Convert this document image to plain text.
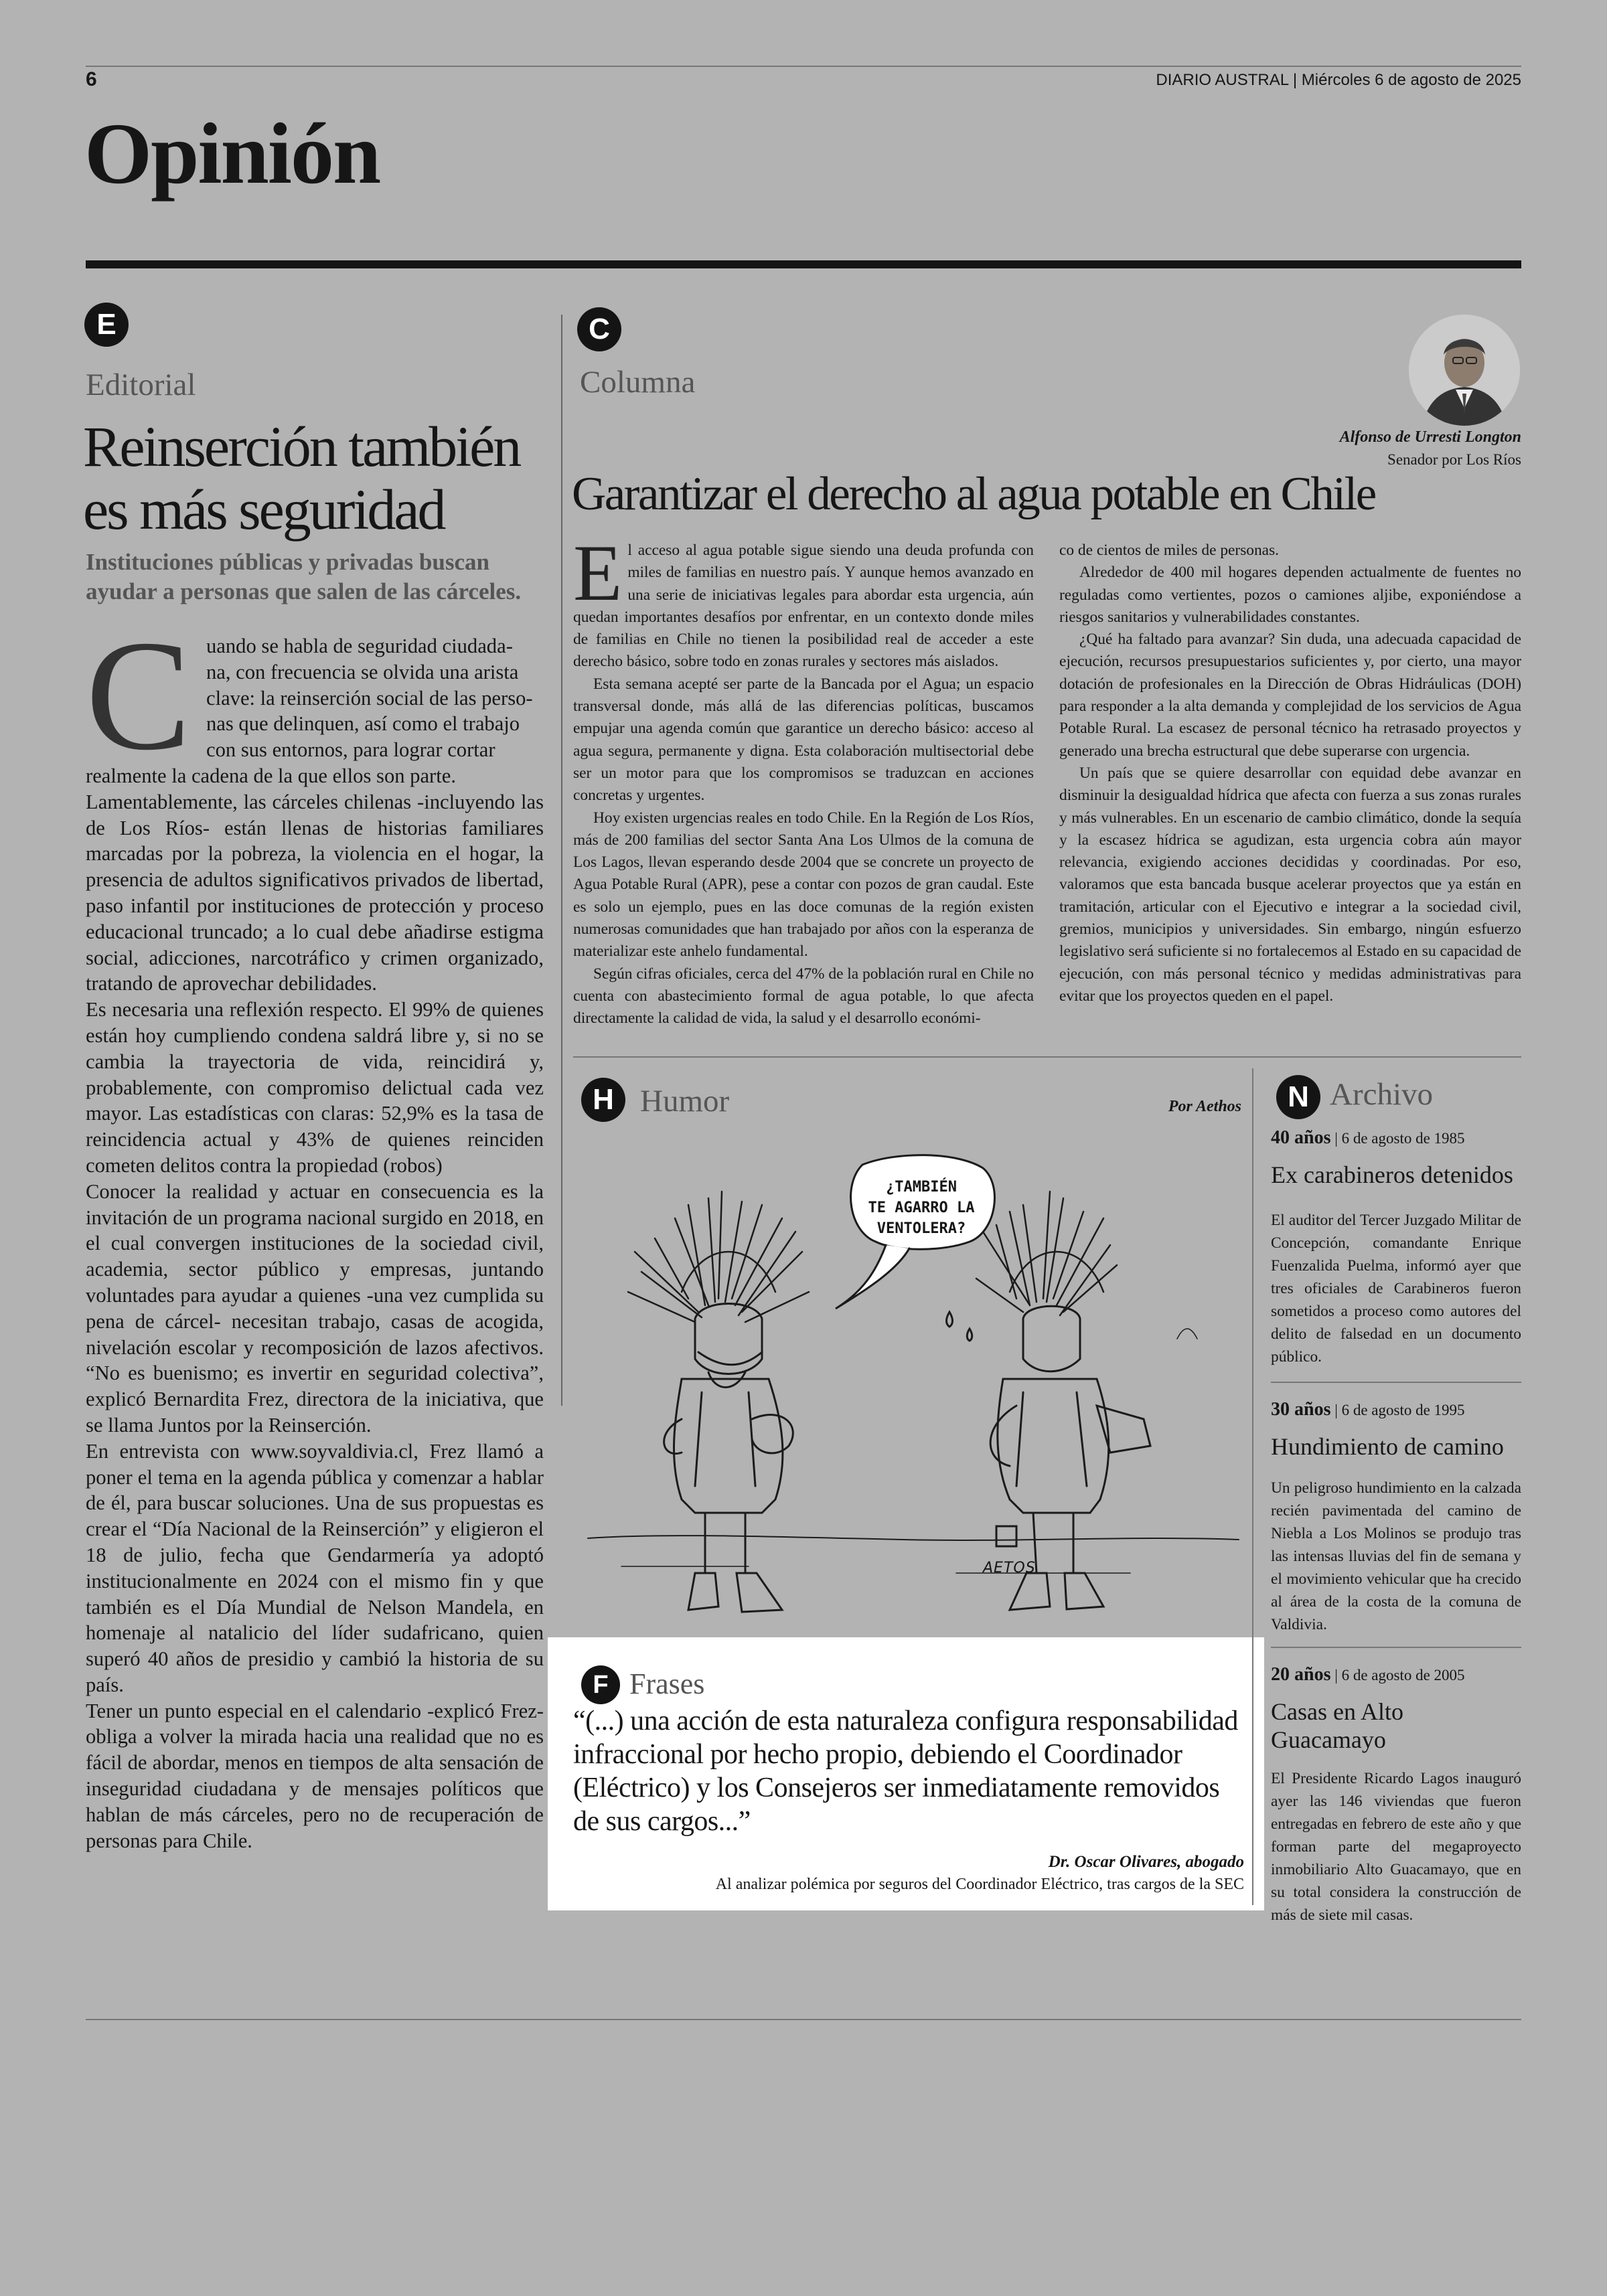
6	DIARIO AUSTRAL | Miércoles 6 de agosto de 2025
Opinión
E
Editorial
Reinserción también
es más seguridad
Instituciones públicas y privadas buscan ayudar a personas que salen de las cárceles.
C uando se habla de seguridad ciudada-
na, con frecuencia se olvida una arista
clave: la reinserción social de las perso-
nas que delinquen, así como el trabajo
con sus entornos, para lograr cortar

realmente la cadena de la que ellos son parte.

Lamentablemente, las cárceles chilenas -incluyendo las de Los Ríos- están llenas de historias familiares marcadas por la pobreza, la violencia en el hogar, la presencia de adultos significativos privados de libertad, paso infantil por instituciones de protección y proceso educacional truncado; a lo cual debe añadirse estigma social, adicciones, narcotráfico y crimen organizado, tratando de aprovechar debilidades.

Es necesaria una reflexión respecto. El 99% de quienes están hoy cumpliendo condena saldrá libre y, si no se cambia la trayectoria de vida, reincidirá y, probablemente, con compromiso delictual cada vez mayor. Las estadísticas con claras: 52,9% es la tasa de reincidencia actual y 43% de quienes reinciden cometen delitos contra la propiedad (robos)

Conocer la realidad y actuar en consecuencia es la invitación de un programa nacional surgido en 2018, en el cual convergen instituciones de la sociedad civil, academia, sector público y empresas, juntando voluntades para ayudar a quienes -una vez cumplida su pena de cárcel- necesitan trabajo, casas de acogida, nivelación escolar y recomposición de lazos afectivos. “No es buenismo; es invertir en seguridad colectiva”, explicó Bernardita Frez, directora de la iniciativa, que se llama Juntos por la Reinserción.

En entrevista con www.soyvaldivia.cl, Frez llamó a poner el tema en la agenda pública y comenzar a hablar de él, para buscar soluciones. Una de sus propuestas es crear el “Día Nacional de la Reinserción” y eligieron el 18 de julio, fecha que Gendarmería ya adoptó institucionalmente en 2024 con el mismo fin y que también es el Día Mundial de Nelson Mandela, en homenaje al natalicio del líder sudafricano, quien superó 40 años de presidio y cambió la historia de su país.

Tener un punto especial en el calendario -explicó Frez- obliga a volver la mirada hacia una realidad que no es fácil de abordar, menos en tiempos de alta sensación de inseguridad ciudadana y de mensajes políticos que hablan de más cárceles, pero no de recuperación de personas para Chile.

C
Columna
Alfonso de Urresti Longton
Senador por Los Ríos
Garantizar el derecho al agua potable en Chile
E l acceso al agua potable sigue siendo una deuda profunda con miles de familias en nuestro país. Y aunque hemos avanzado en una serie de iniciativas legales para abordar esta urgencia, aún quedan importantes desafíos por enfrentar, en un contexto donde miles de familias en Chile no tienen la posibilidad real de acceder a este derecho básico, sobre todo en zonas rurales y sectores más aislados.

Esta semana acepté ser parte de la Bancada por el Agua; un espacio transversal donde, más allá de las diferencias políticas, buscamos empujar una agenda común que garantice un derecho básico: acceso al agua segura, permanente y digna. Esta colaboración multisectorial debe ser un motor para que los compromisos se traduzcan en acciones concretas y urgentes.

Hoy existen urgencias reales en todo Chile. En la Región de Los Ríos, más de 200 familias del sector Santa Ana Los Ulmos de la comuna de Los Lagos, llevan esperando desde 2004 que se concrete un proyecto de Agua Potable Rural (APR), pese a contar con pozos de gran caudal. Este es solo un ejemplo, pues en las doce comunas de la región existen numerosas comunidades que han trabajado por años con la esperanza de materializar este anhelo fundamental.

Según cifras oficiales, cerca del 47% de la población rural en Chile no cuenta con abastecimiento formal de agua potable, lo que afecta directamente la calidad de vida, la salud y el desarrollo económi-

co de cientos de miles de personas.

Alrededor de 400 mil hogares dependen actualmente de fuentes no reguladas como vertientes, pozos o camiones aljibe, exponiéndose a riesgos sanitarios y vulnerabilidades constantes.

¿Qué ha faltado para avanzar? Sin duda, una adecuada capacidad de ejecución, recursos presupuestarios suficientes y, por cierto, una mayor dotación de profesionales en la Dirección de Obras Hidráulicas (DOH) para responder a la alta demanda y complejidad de los servicios de Agua Potable Rural. La escasez de personal técnico ha retrasado proyectos y generado una brecha estructural que debe superarse con urgencia.

Un país que se quiere desarrollar con equidad debe avanzar en disminuir la desigualdad hídrica que afecta con fuerza a sus zonas rurales y más vulnerables. En un escenario de cambio climático, donde la sequía y la escasez hídrica se agudizan, esta urgencia cobra aún mayor relevancia, exigiendo acciones decididas y coordinadas. Por eso, valoramos que esta bancada busque acelerar proyectos que ya están en tramitación, articular con el Ejecutivo e integrar a la sociedad civil, gremios, municipios y universidades. Sin embargo, ningún esfuerzo legislativo será suficiente si no fortalecemos al Estado en su capacidad de ejecución, con más personal técnico y medidas administrativas para evitar que los proyectos queden en el papel.

H Humor	Por Aethos
¿TAMBIÉN
TE AGARRO LA
VENTOLERA?
AETOS
F Frases
“(...) una acción de esta naturaleza configura responsabilidad infraccional por hecho propio, debiendo el Coordinador (Eléctrico) y los Consejeros ser inmediatamente removidos de sus cargos...”
Dr. Oscar Olivares, abogado
Al analizar polémica por seguros del Coordinador Eléctrico, tras cargos de la SEC
N Archivo
40 años | 6 de agosto de 1985
Ex carabineros detenidos

El auditor del Tercer Juzgado Militar de Concepción, comandante Enrique Fuenzalida Puelma, informó ayer que tres oficiales de Carabineros fueron sometidos a proceso como autores del delito de falsedad en un documento público.

30 años | 6 de agosto de 1995
Hundimiento de camino

Un peligroso hundimiento en la calzada recién pavimentada del camino de Niebla a Los Molinos se produjo tras las intensas lluvias del fin de semana y el movimiento vehicular que ha crecido al área de la costa de la comuna de Valdivia.

20 años | 6 de agosto de 2005
Casas en Alto Guacamayo

El Presidente Ricardo Lagos inauguró ayer las 146 viviendas que fueron entregadas en febrero de este año y que forman parte del megaproyecto inmobiliario Alto Guacamayo, que en su total considera la construcción de más de siete mil casas.
